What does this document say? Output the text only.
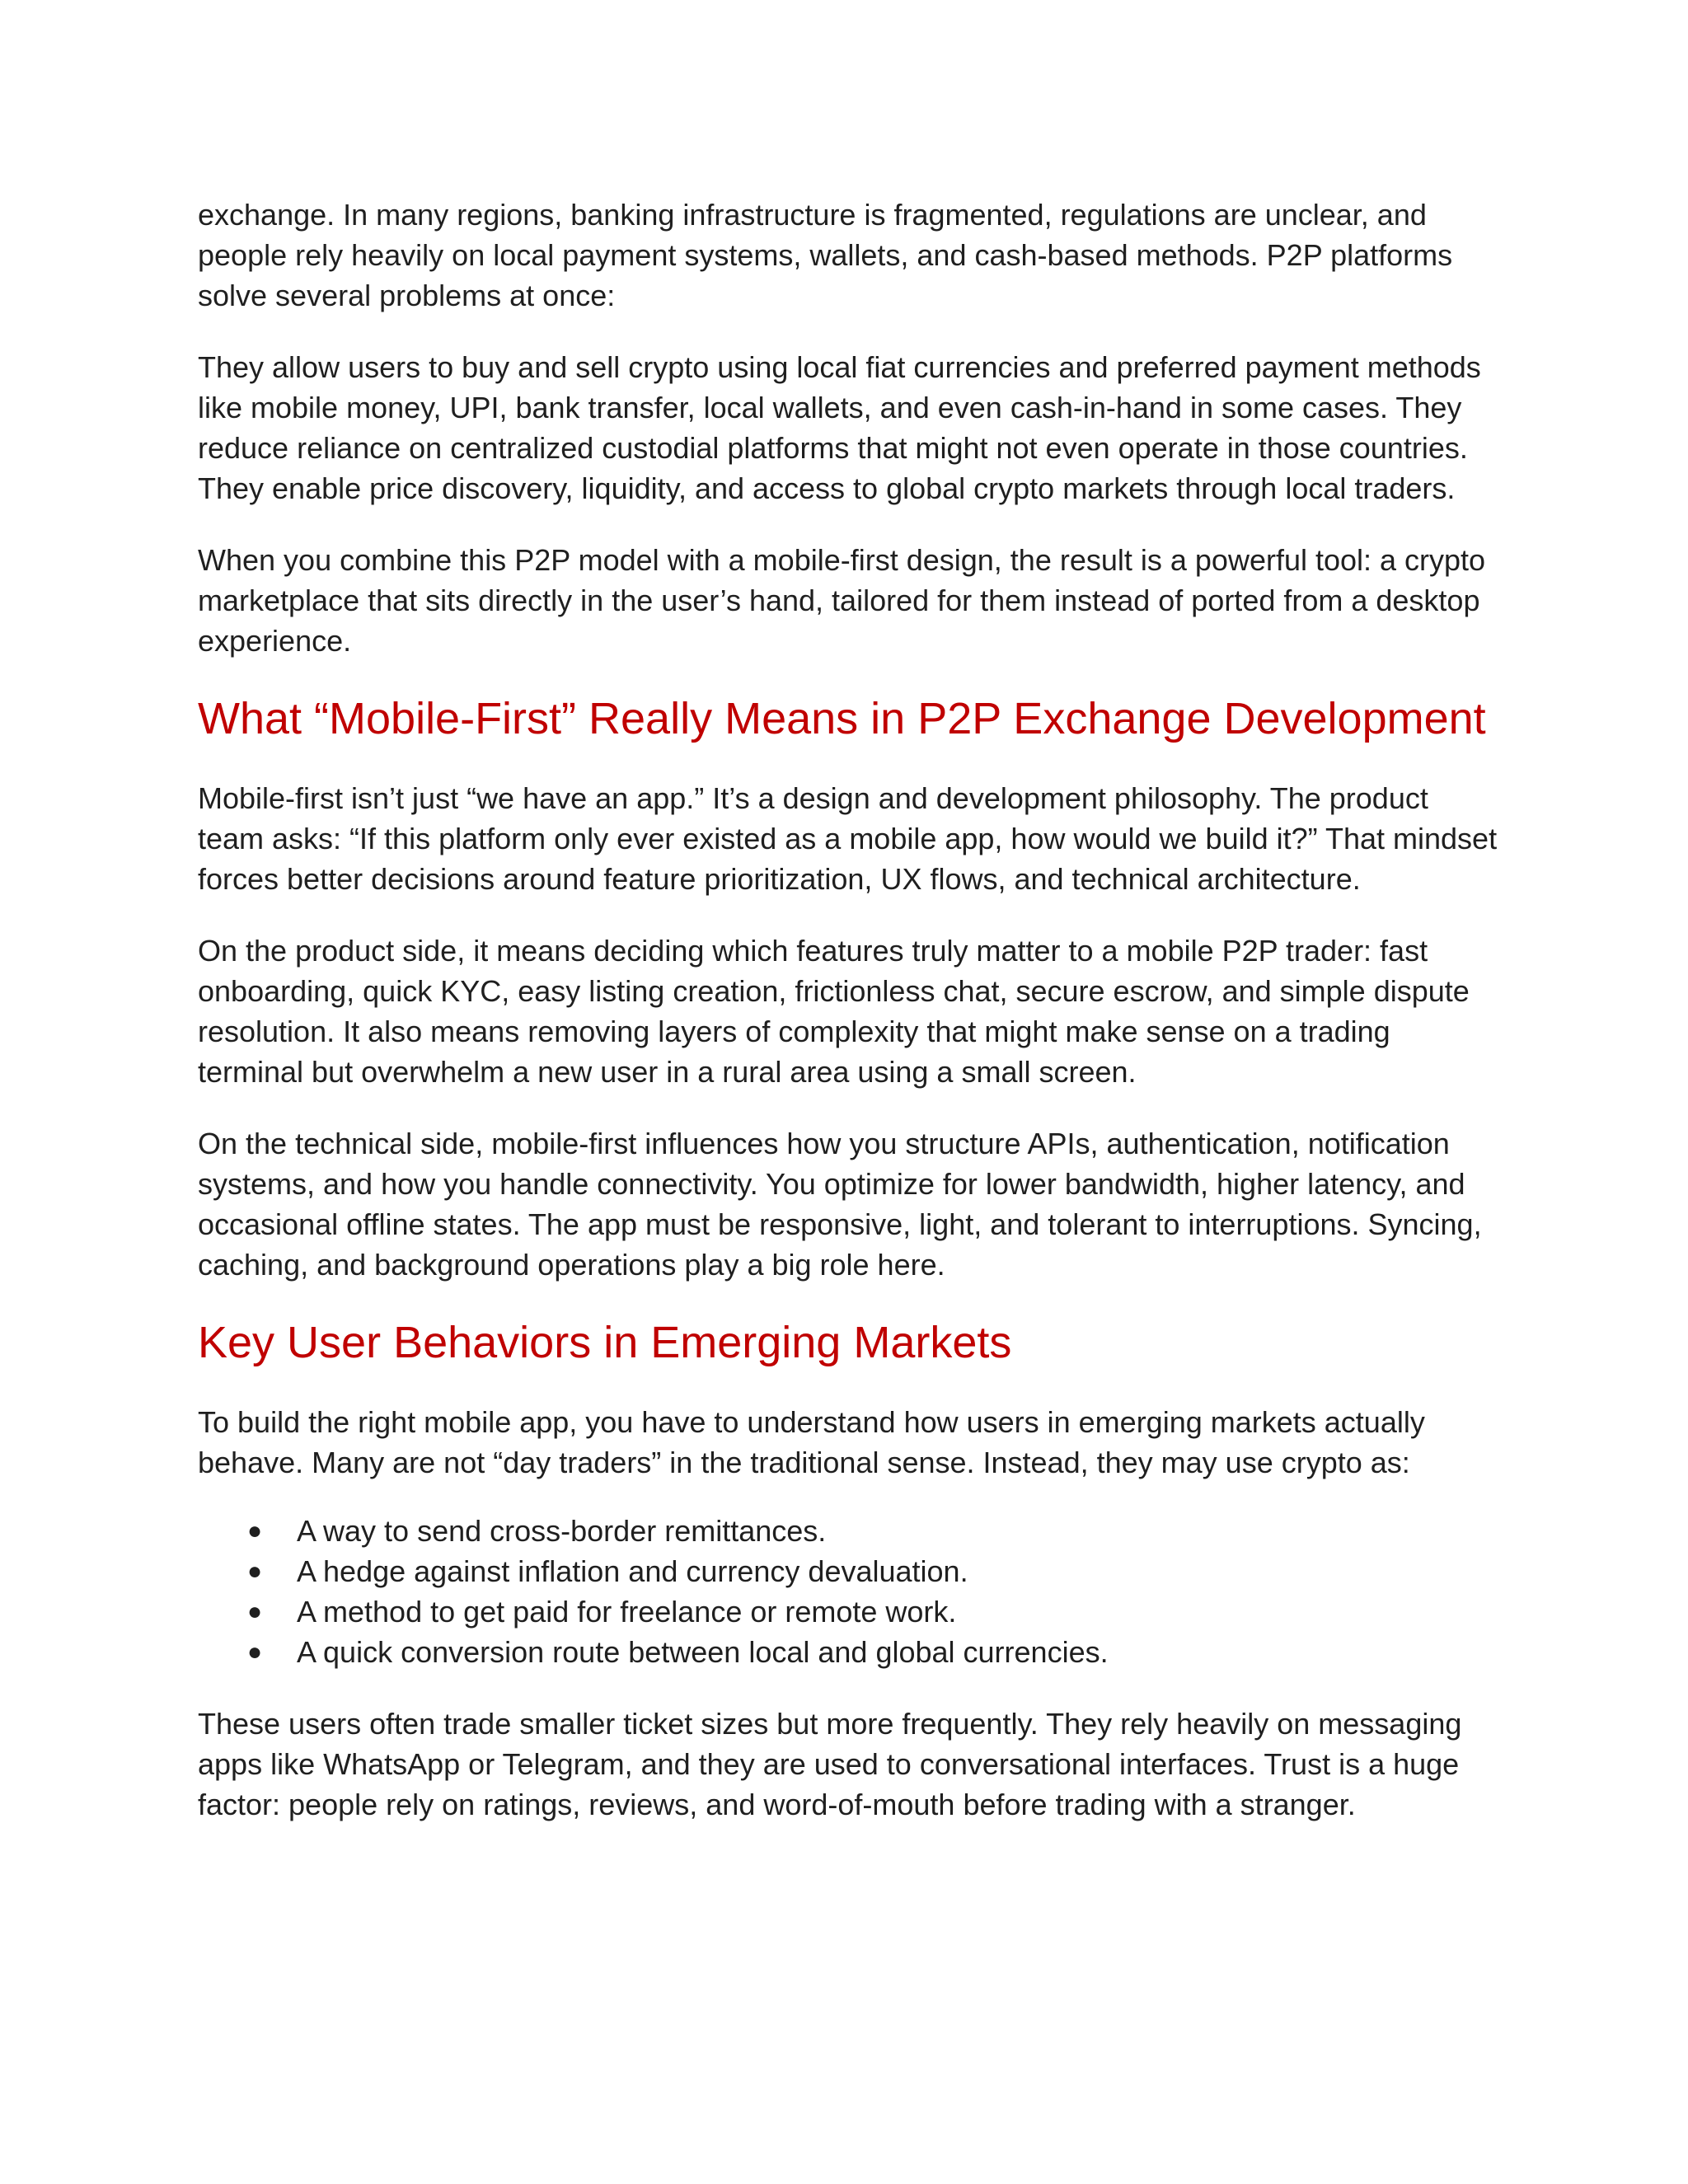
exchange. In many regions, banking infrastructure is fragmented, regulations are unclear, and people rely heavily on local payment systems, wallets, and cash-based methods. P2P platforms solve several problems at once:

They allow users to buy and sell crypto using local fiat currencies and preferred payment methods like mobile money, UPI, bank transfer, local wallets, and even cash-in-hand in some cases. They reduce reliance on centralized custodial platforms that might not even operate in those countries. They enable price discovery, liquidity, and access to global crypto markets through local traders.

When you combine this P2P model with a mobile-first design, the result is a powerful tool: a crypto marketplace that sits directly in the user’s hand, tailored for them instead of ported from a desktop experience.

What “Mobile-First” Really Means in P2P Exchange Development

Mobile-first isn’t just “we have an app.” It’s a design and development philosophy. The product team asks: “If this platform only ever existed as a mobile app, how would we build it?” That mindset forces better decisions around feature prioritization, UX flows, and technical architecture.

On the product side, it means deciding which features truly matter to a mobile P2P trader: fast onboarding, quick KYC, easy listing creation, frictionless chat, secure escrow, and simple dispute resolution. It also means removing layers of complexity that might make sense on a trading terminal but overwhelm a new user in a rural area using a small screen.

On the technical side, mobile-first influences how you structure APIs, authentication, notification systems, and how you handle connectivity. You optimize for lower bandwidth, higher latency, and occasional offline states. The app must be responsive, light, and tolerant to interruptions. Syncing, caching, and background operations play a big role here.

Key User Behaviors in Emerging Markets

To build the right mobile app, you have to understand how users in emerging markets actually behave. Many are not “day traders” in the traditional sense. Instead, they may use crypto as:

● A way to send cross-border remittances.
● A hedge against inflation and currency devaluation.
● A method to get paid for freelance or remote work.
● A quick conversion route between local and global currencies.

These users often trade smaller ticket sizes but more frequently. They rely heavily on messaging apps like WhatsApp or Telegram, and they are used to conversational interfaces. Trust is a huge factor: people rely on ratings, reviews, and word-of-mouth before trading with a stranger.
